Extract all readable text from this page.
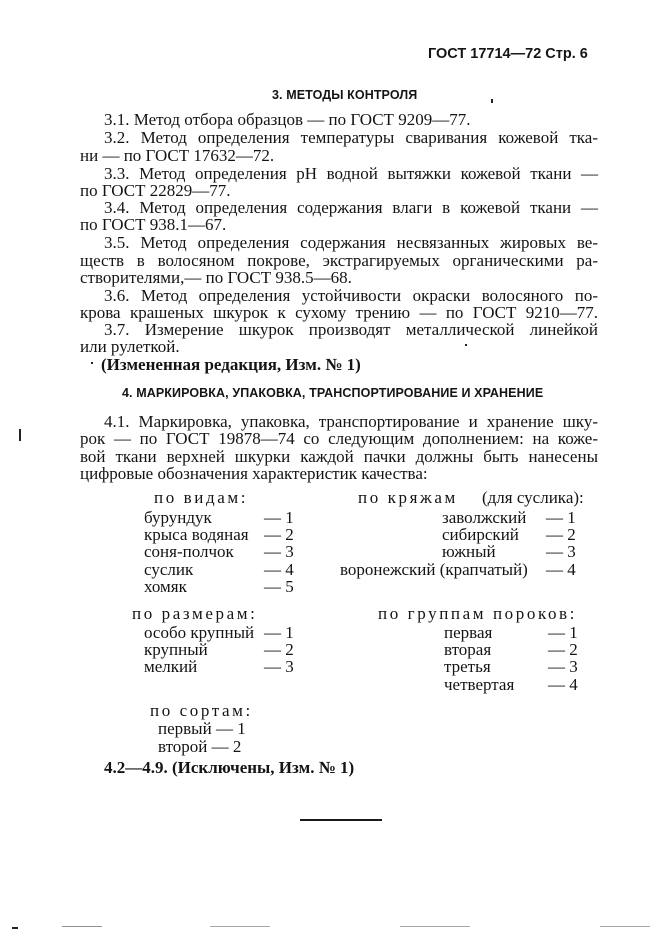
ГОСТ 17714—72 Стр. 6
3. МЕТОДЫ КОНТРОЛЯ
3.1. Метод отбора образцов — по ГОСТ 9209—77.
3.2. Метод определения температуры сваривания кожевой тка-
ни — по ГОСТ 17632—72.
3.3. Метод определения pH водной вытяжки кожевой ткани —
по ГОСТ 22829—77.
3.4. Метод определения содержания влаги в кожевой ткани —
по ГОСТ 938.1—67.
3.5. Метод определения содержания несвязанных жировых ве-
ществ в волосяном покрове, экстрагируемых органическими ра-
створителями,— по ГОСТ 938.5—68.
3.6. Метод определения устойчивости окраски волосяного по-
крова крашеных шкурок к сухому трению — по ГОСТ 9210—77.
3.7. Измерение шкурок производят металлической линейкой
или рулеткой.
(Измененная редакция, Изм. № 1)
4. МАРКИРОВКА, УПАКОВКА, ТРАНСПОРТИРОВАНИЕ И ХРАНЕНИЕ
4.1. Маркировка, упаковка, транспортирование и хранение шку-
рок — по ГОСТ 19878—74 со следующим дополнением: на коже-
вой ткани верхней шкурки каждой пачки должны быть нанесены
цифровые обозначения характеристик качества:
по видам:
бурундук	— 1
крыса водяная — 2
соня-полчок — 3
суслик	— 4
хомяк	— 5
по кряжам (для суслика):
заволжский — 1
сибирский — 2
южный	— 3
воронежский (крапчатый) — 4
по размерам:
особо крупный — 1
крупный	— 2
мелкий	— 3
по группам пороков:
первая	— 1
вторая	— 2
третья	— 3
четвертая — 4
по сортам:
первый — 1
второй — 2
4.2—4.9. (Исключены, Изм. № 1)
